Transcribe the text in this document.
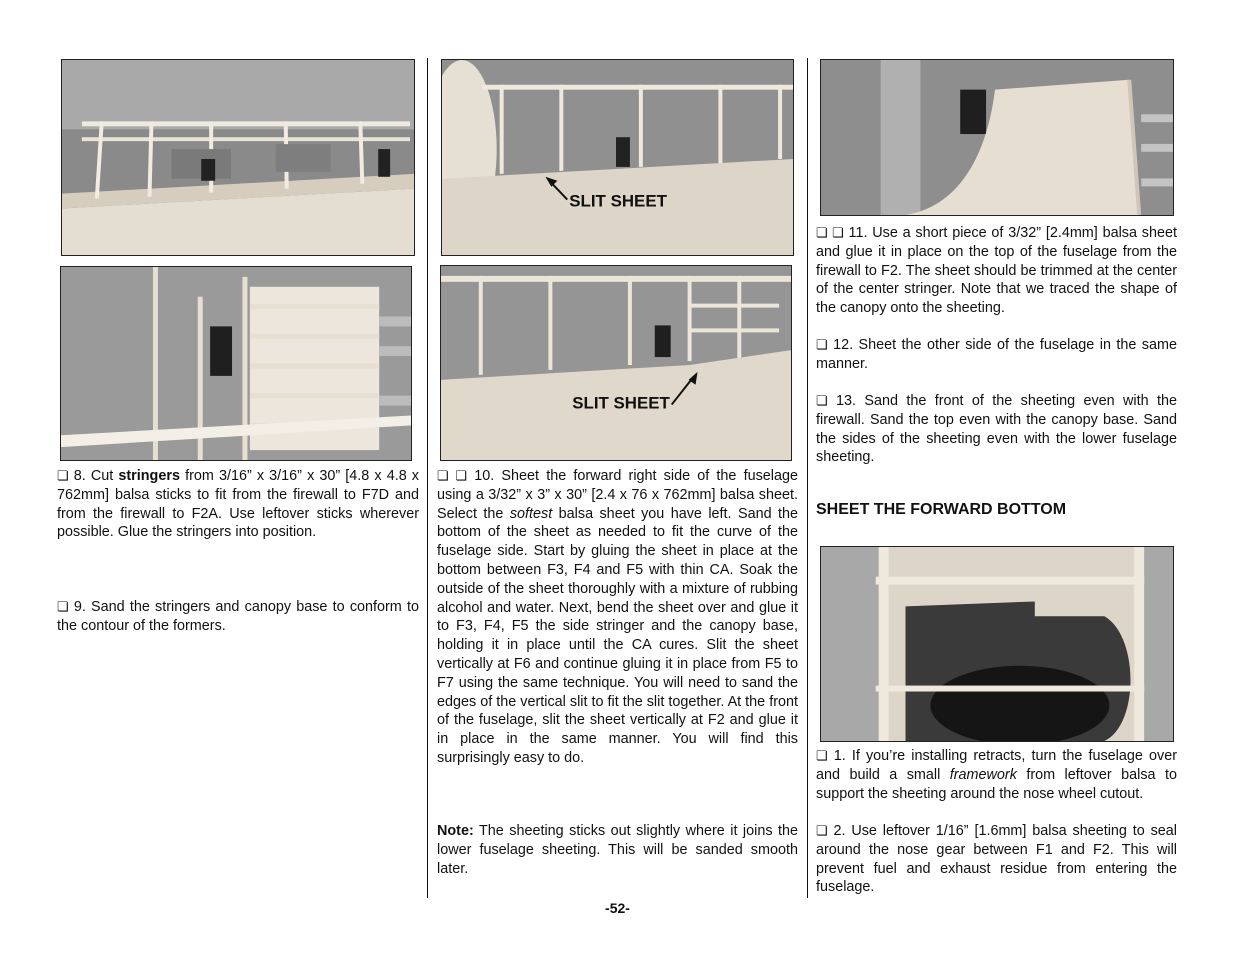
❏ 8. Cut stringers from 3/16” x 3/16” x 30” [4.8 x 4.8 x 762mm] balsa sticks to fit from the firewall to F7D and from the firewall to F2A. Use leftover sticks wherever possible. Glue the stringers into position.

❏ 9. Sand the stringers and canopy base to conform to the contour of the formers.

SLIT SHEET
SLIT SHEET

❏ ❏ 10. Sheet the forward right side of the fuselage using a 3/32” x 3” x 30” [2.4 x 76 x 762mm] balsa sheet. Select the softest balsa sheet you have left. Sand the bottom of the sheet as needed to fit the curve of the fuselage side. Start by gluing the sheet in place at the bottom between F3, F4 and F5 with thin CA. Soak the outside of the sheet thoroughly with a mixture of rubbing alcohol and water. Next, bend the sheet over and glue it to F3, F4, F5 the side stringer and the canopy base, holding it in place until the CA cures. Slit the sheet vertically at F6 and continue gluing it in place from F5 to F7 using the same technique. You will need to sand the edges of the vertical slit to fit the slit together. At the front of the fuselage, slit the sheet vertically at F2 and glue it in place in the same manner. You will find this surprisingly easy to do.

Note: The sheeting sticks out slightly where it joins the lower fuselage sheeting. This will be sanded smooth later.

❏ ❏ 11. Use a short piece of 3/32” [2.4mm] balsa sheet and glue it in place on the top of the fuselage from the firewall to F2. The sheet should be trimmed at the center of the center stringer. Note that we traced the shape of the canopy onto the sheeting.

❏ 12. Sheet the other side of the fuselage in the same manner.

❏ 13. Sand the front of the sheeting even with the firewall. Sand the top even with the canopy base. Sand the sides of the sheeting even with the lower fuselage sheeting.

SHEET THE FORWARD BOTTOM

❏ 1. If you’re installing retracts, turn the fuselage over and build a small framework from leftover balsa to support the sheeting around the nose wheel cutout.

❏ 2. Use leftover 1/16” [1.6mm] balsa sheeting to seal around the nose gear between F1 and F2. This will prevent fuel and exhaust residue from entering the fuselage.

-52-
